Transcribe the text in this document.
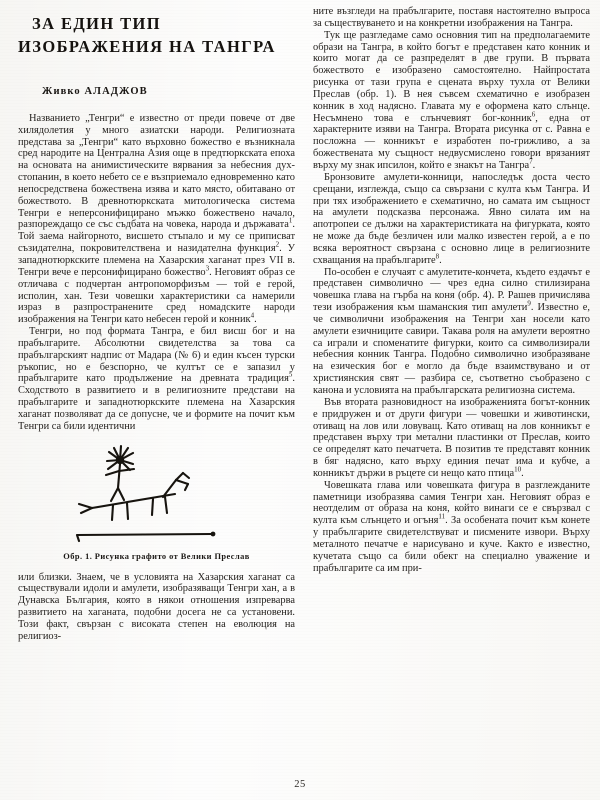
ЗА ЕДИН ТИП
ИЗОБРАЖЕНИЯ НА ТАНГРА
Живко АЛАДЖОВ

Названието „Тенгри“ е известно от преди повече от две хилядолетия у много азиатски народи. Религиозната представа за „Тенгри“ като върховно божество е възникнала сред народите на Централна Азия още в предтюркската епоха на основата на анимистическите вярвания за небесния дух-стопанин, в което небето се е възприемало едновременно като непосредствена божествена изява и като място, обитавано от божеството. В древнотюркската митологическа система Тенгри е неперсонифицирано мъжко божествено начало, разпореждащо се със съдбата на човека, народа и държавата$^1$. Той заема найгорното, висшето стъпало и му се приписват съзидателна, покровителствена и назидателна функция$^2$. У западнотюркските племена на Хазарския хаганат през VII в. Тенгри вече е персонифицирано божество$^3$. Неговият образ се отличава с подчертан антропоморфизъм — той е герой, исполин, хан. Тези човешки характеристики са намерили израз в разпространените сред номадските народи изображения на Тенгри като небесен герой и конник$^4$.

Тенгри, но под формата Тангра, е бил висш бог и на прабългарите. Абсолютни свидетелства за това са прабългарският надпис от Мадара (№ 6) и един късен турски ръкопис, но е безспорно, че култът се е запазил у прабългарите като продължение на древната традиция$^5$. Сходството в развитието и в религиозните представи на прабългарите и западнотюркските племена на Хазарския хаганат позволяват да се допусне, че и формите на почит към Тенгри са били идентични

Обр. 1. Рисунка графито от Велики Преслав

или близки. Знаем, че в условията на Хазарския хаганат са съществували идоли и амулети, изобразяващи Тенгри хан, а в Дунавска България, която в някои отношения изпреварва развитието на хаганата, подобни досега не са установени. Този факт, свързан с високата степен на еволюция на религиоз-

ните възгледи на прабългарите, поставя настоятелно въпроса за съществуването и на конкретни изображения на Тангра.

Тук ще разгледаме само основния тип на предполагаемите образи на Тангра, в който богът е представен като конник и които могат да се разпределят в две групи. В първата божеството е изобразено самостоятелно. Найпростата рисунка от тази група е сцената върху тухла от Велики Преслав (обр. 1). В нея съвсем схематично е изобразен конник в ход надясно. Главата му е оформена като слънце. Несъмнено това е слънчевият бог-конник$^6$, една от характерните изяви на Тангра. Втората рисунка от с. Равна е посложна — конникът е изработен по-грижливо, а за божествената му същност недвусмислено говори врязаният върху му знак ипсилон, който е знакът на Тангра$^7$.

Бронзовите амулети-конници, напоследък доста често срещани, изглежда, също са свързани с култа към Тангра. И при тях изображението е схематично, но самата им същност на амулети подсказва персонажа. Явно силата им на апотропеи се дължи на характеристиката на фигурката, която не може да бъде безличен или малко известен герой, а е по всяка вероятност свързана с основно лице в религиозните схващания на прабългарите$^8$.

По-особен е случаят с амулетите-кончета, където ездачът е представен символично — чрез една силно стилизирана човешка глава на гърба на коня (обр. 4). Р. Рашев причислява тези изображения към шаманския тип амулети$^9$. Известно е, че символични изображения на Тенгри хан носели като амулети езичниците савири. Такава роля на амулети вероятно са играли и споменатите фигурки, които са символизирали небесния конник Тангра. Подобно символично изобразяване на езическия бог е могло да бъде взаимствувано и от християнския свят — разбира се, съответно съобразено с канона и условията на прабългарската религиозна система.

Във втората разновидност на изображенията богът-конник е придружен и от други фигури — човешки и животински, отиващ на лов или ловуващ. Като отиващ на лов конникът е представен върху три метални пластинки от Преслав, които се определят като печатчета. В позитив те представят конник в бяг надясно, като върху единия печат има и кубче, а конникът държи в ръцете си нещо като птица$^{10}$.

Човешката глава или човешката фигура в разглежданите паметници изобразява самия Тенгри хан. Неговият образ е неотделим от образа на коня, който винаги се е свързвал с култа към слънцето и огъня$^{11}$. За особената почит към конете у прабългарите свидетелствуват и писмените извори. Върху металното печатче е нарисувано и куче. Както е известно, кучетата също са били обект на специално уважение и прабългарите са им при-

25
